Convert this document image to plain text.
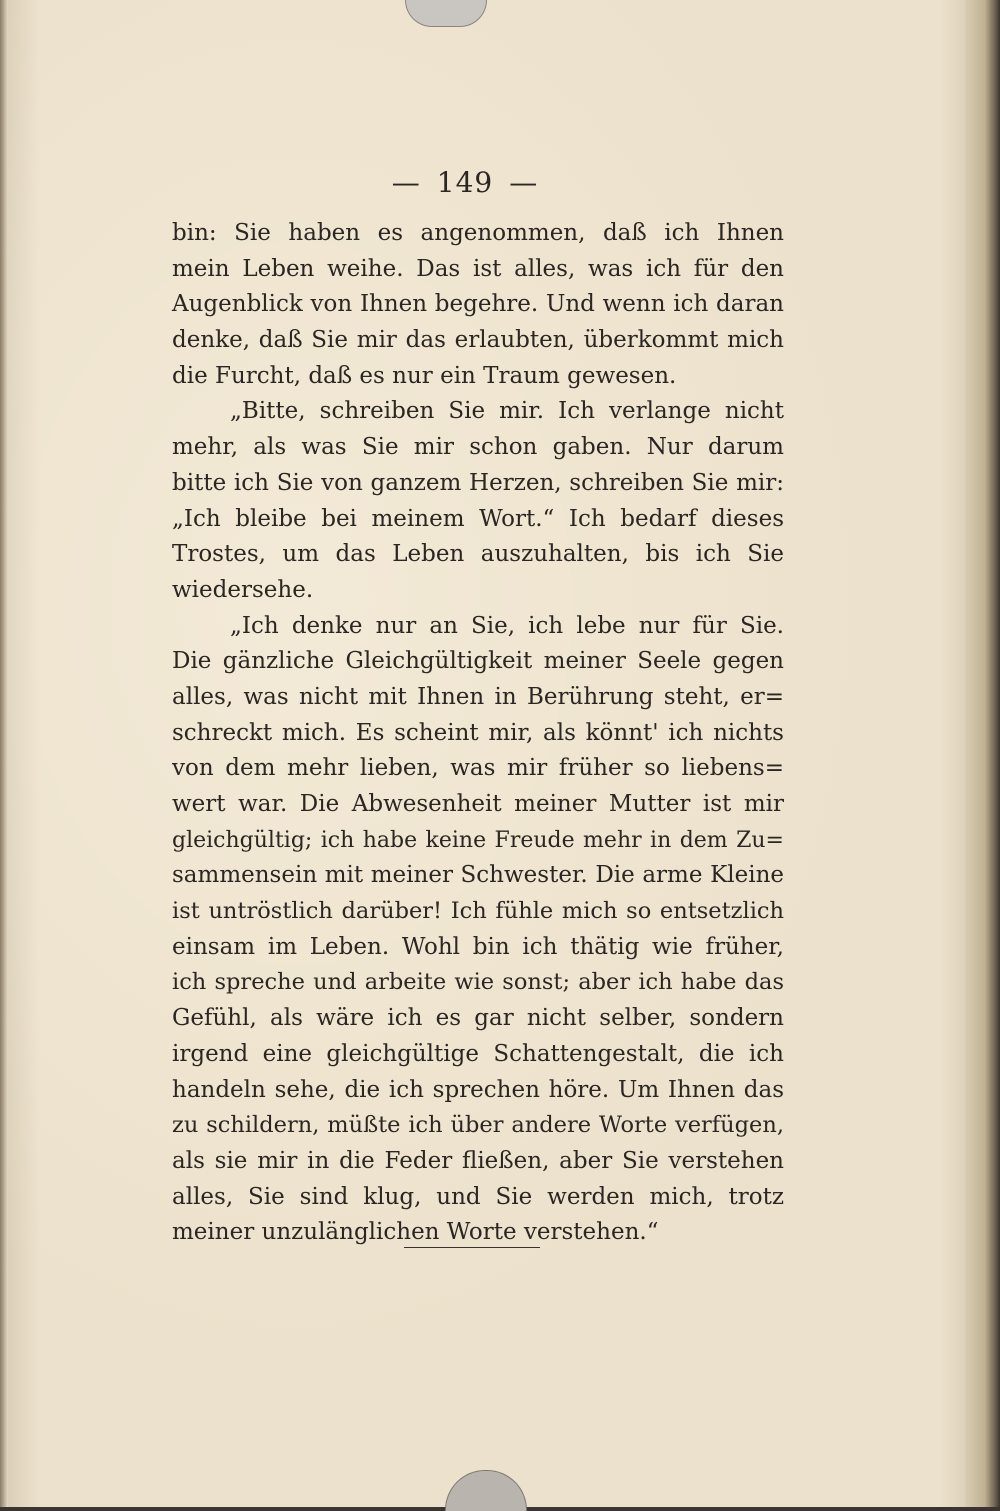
— 149 —
bin: Sie haben es angenommen, daß ich Ihnen
mein Leben weihe. Das ist alles, was ich für den
Augenblick von Ihnen begehre. Und wenn ich daran
denke, daß Sie mir das erlaubten, überkommt mich
die Furcht, daß es nur ein Traum gewesen.
„Bitte, schreiben Sie mir. Ich verlange nicht
mehr, als was Sie mir schon gaben. Nur darum
bitte ich Sie von ganzem Herzen, schreiben Sie mir:
„Ich bleibe bei meinem Wort.“ Ich bedarf dieses
Trostes, um das Leben auszuhalten, bis ich Sie
wiedersehe.
„Ich denke nur an Sie, ich lebe nur für Sie.
Die gänzliche Gleichgültigkeit meiner Seele gegen
alles, was nicht mit Ihnen in Berührung steht, er=
schreckt mich. Es scheint mir, als könnt' ich nichts
von dem mehr lieben, was mir früher so liebens=
wert war. Die Abwesenheit meiner Mutter ist mir
gleichgültig; ich habe keine Freude mehr in dem Zu=
sammensein mit meiner Schwester. Die arme Kleine
ist untröstlich darüber! Ich fühle mich so entsetzlich
einsam im Leben. Wohl bin ich thätig wie früher,
ich spreche und arbeite wie sonst; aber ich habe das
Gefühl, als wäre ich es gar nicht selber, sondern
irgend eine gleichgültige Schattengestalt, die ich
handeln sehe, die ich sprechen höre. Um Ihnen das
zu schildern, müßte ich über andere Worte verfügen,
als sie mir in die Feder fließen, aber Sie verstehen
alles, Sie sind klug, und Sie werden mich, trotz
meiner unzulänglichen Worte verstehen.“
